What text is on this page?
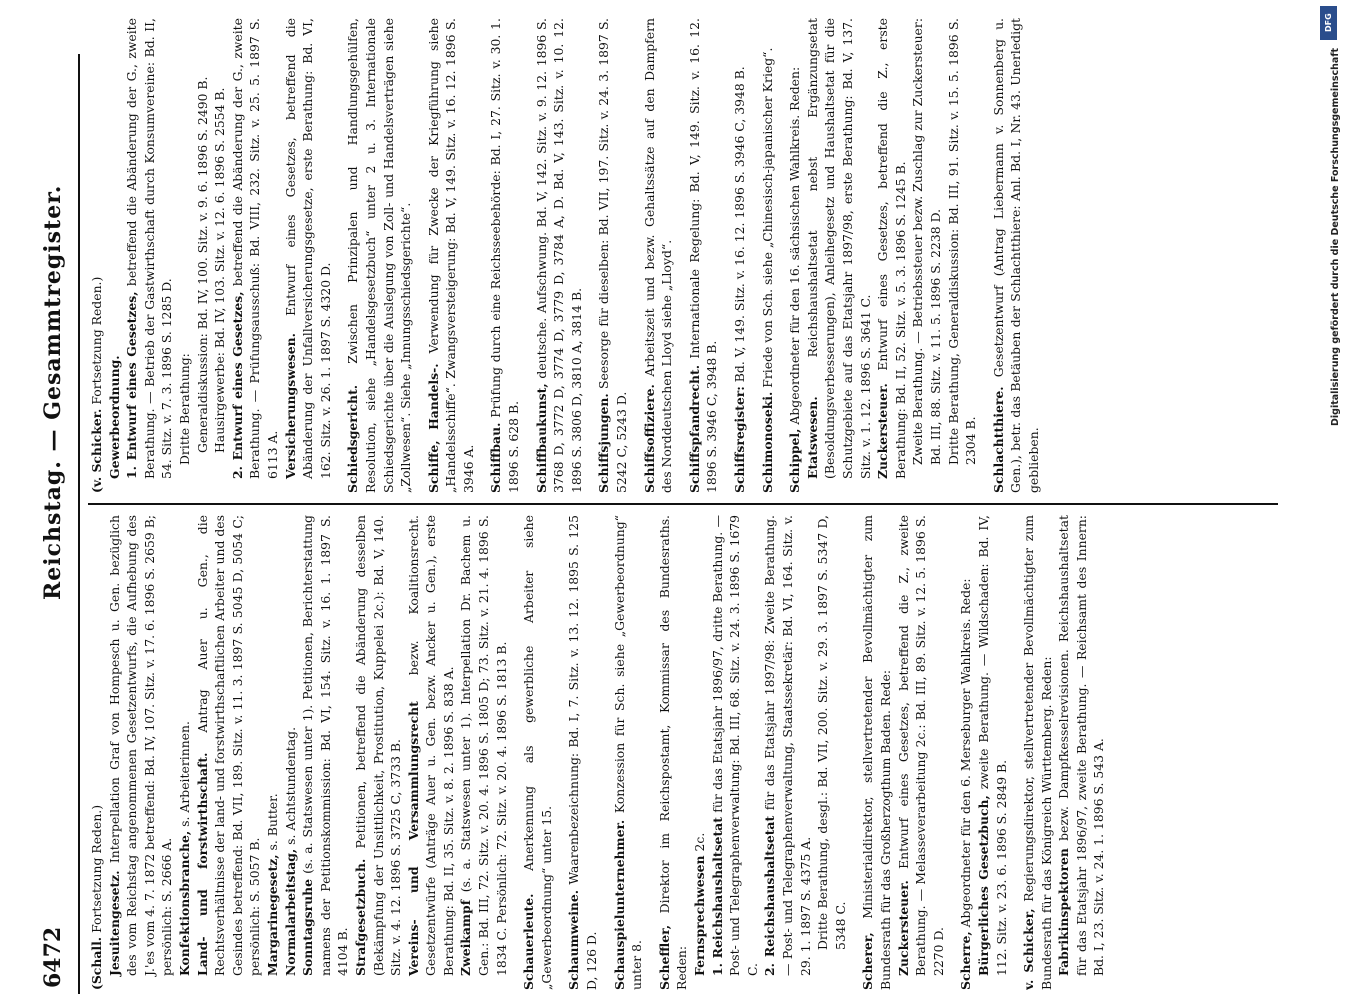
6472
Reichstag. — Gesammtregister.

(Schall. Fortsetzung Reden.) Jesuitengesetz. Interpellation Graf von Hompesch u. Gen. bezüglich des vom Reichstag angenommenen Gesetzentwurfs, die Aufhebung des J.'es vom 4. 7. 1872 betreffend: Bd. IV, 107. Sitz. v. 17. 6. 1896 S. 2659 B; persönlich: S. 2666 A. Konfektionsbranche, s. Arbeiterinnen. Land- und forstwirthschaft. Antrag Auer u. Gen., die Rechtsverhältnisse der land- und forstwirthschaftlichen Arbeiter und des Gesindes betreffend: Bd. VII, 189. Sitz. v. 11. 3. 1897 S. 5045 D, 5054 C; persönlich: S. 5057 B. Margarinegesetz, s. Butter.

Normalarbeitstag, s. Achtstundentag.

Sonntagsruhe (s. a. Statswesen unter 1). Petitionen, Berichterstattung namens der Petitionskommission: Bd. VI, 154. Sitz. v. 16. 1. 1897 S. 4104 B. Strafgesetzbuch. Petitionen, betreffend die Abänderung desselben (Bekämpfung der Unsittlichkeit, Prostitution, Kuppelei 2c.): Bd. V, 140. Sitz. v. 4. 12. 1896 S. 3725 C, 3733 B. Vereins- und Versammlungsrecht bezw. Koalitionsrecht. Gesetzentwürfe (Anträge Auer u. Gen. bezw. Ancker u. Gen.), erste Berathung: Bd. II, 35. Sitz. v. 8. 2. 1896 S. 838 A. Zweikampf (s. a. Statswesen unter 1). Interpellation Dr. Bachem u. Gen.: Bd. III, 72. Sitz. v. 20. 4. 1896 S. 1805 D; 73. Sitz. v. 21. 4. 1896 S. 1834 C. Persönlich: 72. Sitz. v. 20. 4. 1896 S. 1813 B. Schauerleute. Anerkennung als gewerbliche Arbeiter siehe „Gewerbeordnung“ unter 15. Schaumweine. Waarenbezeichnung: Bd. I, 7. Sitz. v. 13. 12. 1895 S. 125 D, 126 D. Schauspielunternehmer. Konzession für Sch. siehe „Gewerbeordnung“ unter 8. Scheffler, Direktor im Reichspostamt, Kommissar des Bundesraths. Reden: Fernsprechwesen 2c. 1. Reichshaushaltsetat für das Etatsjahr 1896/97, dritte Berathung. — Post- und Telegraphenverwaltung: Bd. III, 68. Sitz. v. 24. 3. 1896 S. 1679 C. 2. Reichshaushaltsetat für das Etatsjahr 1897/98: Zweite Berathung. — Post- und Telegraphenverwaltung, Staatssekretär: Bd. VI, 164. Sitz. v. 29. 1. 1897 S. 4375 A. Dritte Berathung, desgl.: Bd. VII, 200. Sitz. v. 29. 3. 1897 S. 5347 D, 5348 C.

Scherer, Ministerialdirektor, stellvertretender Bevollmächtigter zum Bundesrath für das Großherzogthum Baden. Rede: Zuckersteuer. Entwurf eines Gesetzes, betreffend die Z., zweite Berathung. — Melasseverarbeitung 2c.: Bd. III, 89. Sitz. v. 12. 5. 1896 S. 2270 D. Scherre, Abgeordneter für den 6. Merseburger Wahlkreis. Rede: Bürgerliches Gesetzbuch, zweite Berathung. — Wildschaden: Bd. IV, 112. Sitz. v. 23. 6. 1896 S. 2849 B. v. Schicker, Regierungsdirektor, stellvertretender Bevollmächtigter zum Bundesrath für das Königreich Württemberg. Reden: Fabrikinspektoren bezw. Dampfkesselrevisionen. Reichshaushaltsetat für das Etatsjahr 1896/97, zweite Berathung. — Reichsamt des Innern: Bd. I, 23. Sitz. v. 24. 1. 1896 S. 543 A.

(v. Schicker. Fortsetzung Reden.)

Gewerbeordnung. 1. Entwurf eines Gesetzes, betreffend die Abänderung der G., zweite Berathung. — Betrieb der Gastwirthschaft durch Konsumvereine: Bd. II, 54. Sitz. v. 7. 3. 1896 S. 1285 D. Dritte Berathung: Generaldiskussion: Bd. IV, 100. Sitz. v. 9. 6. 1896 S. 2490 B. Hausirgewerbe: Bd. IV, 103. Sitz. v. 12. 6. 1896 S. 2554 B. 2. Entwurf eines Gesetzes, betreffend die Abänderung der G., zweite Berathung. — Prüfungsausschuß: Bd. VIII, 232. Sitz. v. 25. 5. 1897 S. 6113 A. Versicherungswesen. Entwurf eines Gesetzes, betreffend die Abänderung der Unfallversicherungsgesetze, erste Berathung: Bd. VI, 162. Sitz. v. 26. 1. 1897 S. 4320 D. Schiedsgericht. Zwischen Prinzipalen und Handlungsgehülfen, Resolution, siehe „Handelsgesetzbuch“ unter 2 u. 3. Internationale Schiedsgerichte über die Auslegung von Zoll- und Handelsverträgen siehe „Zollwesen“. Siehe „Innungsschiedsgerichte“. Schiffe, Handels-. Verwendung für Zwecke der Kriegführung siehe „Handelsschiffe“. Zwangsversteigerung: Bd. V, 149. Sitz. v. 16. 12. 1896 S. 3946 A. Schiffbau. Prüfung durch eine Reichsseebehörde: Bd. I, 27. Sitz. v. 30. 1. 1896 S. 628 B. Schiffbaukunst, deutsche. Aufschwung. Bd. V, 142. Sitz. v. 9. 12. 1896 S. 3768 D, 3772 D, 3774 D, 3779 D, 3784 A, D. Bd. V, 143. Sitz. v. 10. 12. 1896 S. 3806 D, 3810 A, 3814 B. Schiffsjungen. Seesorge für dieselben: Bd. VII, 197. Sitz. v. 24. 3. 1897 S. 5242 C, 5243 D. Schiffsoffiziere. Arbeitszeit und bezw. Gehaltssätze auf den Dampfern des Norddeutschen Lloyd siehe „Lloyd“. Schiffspfandrecht. Internationale Regelung: Bd. V, 149. Sitz. v. 16. 12. 1896 S. 3946 C, 3948 B. Schiffsregister: Bd. V, 149. Sitz. v. 16. 12. 1896 S. 3946 C, 3948 B.

Schimonoseki. Friede von Sch. siehe „Chinesisch-japanischer Krieg“.

Schippel, Abgeordneter für den 16. sächsischen Wahlkreis. Reden:

Etatswesen. Reichshaushaltsetat nebst Ergänzungsetat (Besoldungsverbesserungen), Anleihegesetz und Haushaltsetat für die Schutzgebiete auf das Etatsjahr 1897/98, erste Berathung: Bd. V, 137. Sitz. v. 1. 12. 1896 S. 3641 C. Zuckersteuer. Entwurf eines Gesetzes, betreffend die Z., erste Berathung: Bd. II, 52. Sitz. v. 5. 3. 1896 S. 1245 B. Zweite Berathung. — Betriebssteuer bezw. Zuschlag zur Zuckersteuer: Bd. III, 88. Sitz. v. 11. 5. 1896 S. 2238 D. Dritte Berathung, Generaldiskussion: Bd. III, 91. Sitz. v. 15. 5. 1896 S. 2304 B. Schlachtthiere. Gesetzentwurf (Antrag Liebermann v. Sonnenberg u. Gen.), betr. das Betäuben der Schlachtthiere: Anl. Bd. I, Nr. 43. Unerledigt geblieben.

DFG
Digitalisierung gefördert durch die Deutsche Forschungsgemeinschaft
